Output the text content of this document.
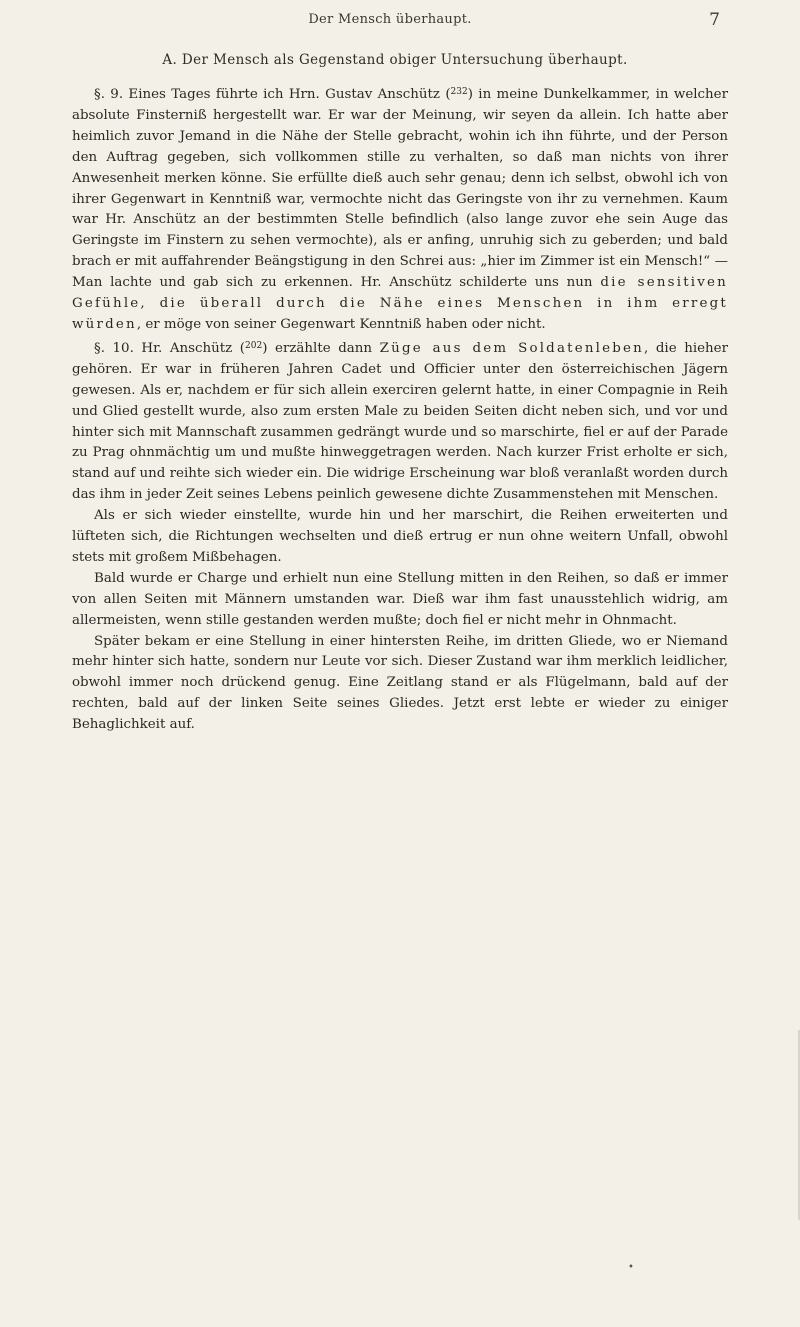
Der Mensch überhaupt.	7
A. Der Mensch als Gegenstand obiger Untersuchung überhaupt.

§. 9. Eines Tages führte ich Hrn. Gustav Anschütz ($^{232}$) in meine Dunkelkammer, in welcher absolute Finsterniß hergestellt war. Er war der Meinung, wir seyen da allein. Ich hatte aber heimlich zuvor Jemand in die Nähe der Stelle gebracht, wohin ich ihn führte, und der Person den Auftrag gegeben, sich vollkommen stille zu verhalten, so daß man nichts von ihrer Anwesenheit merken könne. Sie erfüllte dieß auch sehr genau; denn ich selbst, obwohl ich von ihrer Gegenwart in Kenntniß war, vermochte nicht das Geringste von ihr zu vernehmen. Kaum war Hr. Anschütz an der bestimmten Stelle befindlich (also lange zuvor ehe sein Auge das Geringste im Finstern zu sehen vermochte), als er anfing, unruhig sich zu geberden; und bald brach er mit auffahrender Beängstigung in den Schrei aus: „hier im Zimmer ist ein Mensch!“ — Man lachte und gab sich zu erkennen. Hr. Anschütz schilderte uns nun die sensitiven Gefühle, die überall durch die Nähe eines Menschen in ihm erregt würden, er möge von seiner Gegenwart Kenntniß haben oder nicht.

§. 10. Hr. Anschütz ($^{202}$) erzählte dann Züge aus dem Soldatenleben, die hieher gehören. Er war in früheren Jahren Cadet und Officier unter den österreichischen Jägern gewesen. Als er, nachdem er für sich allein exerciren gelernt hatte, in einer Compagnie in Reih und Glied gestellt wurde, also zum ersten Male zu beiden Seiten dicht neben sich, und vor und hinter sich mit Mannschaft zusammen gedrängt wurde und so marschirte, fiel er auf der Parade zu Prag ohnmächtig um und mußte hinweggetragen werden. Nach kurzer Frist erholte er sich, stand auf und reihte sich wieder ein. Die widrige Erscheinung war bloß veranlaßt worden durch das ihm in jeder Zeit seines Lebens peinlich gewesene dichte Zusammenstehen mit Menschen.

Als er sich wieder einstellte, wurde hin und her marschirt, die Reihen erweiterten und lüfteten sich, die Richtungen wechselten und dieß ertrug er nun ohne weitern Unfall, obwohl stets mit großem Mißbehagen.

Bald wurde er Charge und erhielt nun eine Stellung mitten in den Reihen, so daß er immer von allen Seiten mit Männern umstanden war. Dieß war ihm fast unausstehlich widrig, am allermeisten, wenn stille gestanden werden mußte; doch fiel er nicht mehr in Ohnmacht.

Später bekam er eine Stellung in einer hintersten Reihe, im dritten Gliede, wo er Niemand mehr hinter sich hatte, sondern nur Leute vor sich. Dieser Zustand war ihm merklich leidlicher, obwohl immer noch drückend genug. Eine Zeitlang stand er als Flügelmann, bald auf der rechten, bald auf der linken Seite seines Gliedes. Jetzt erst lebte er wieder zu einiger Behaglichkeit auf.

•
